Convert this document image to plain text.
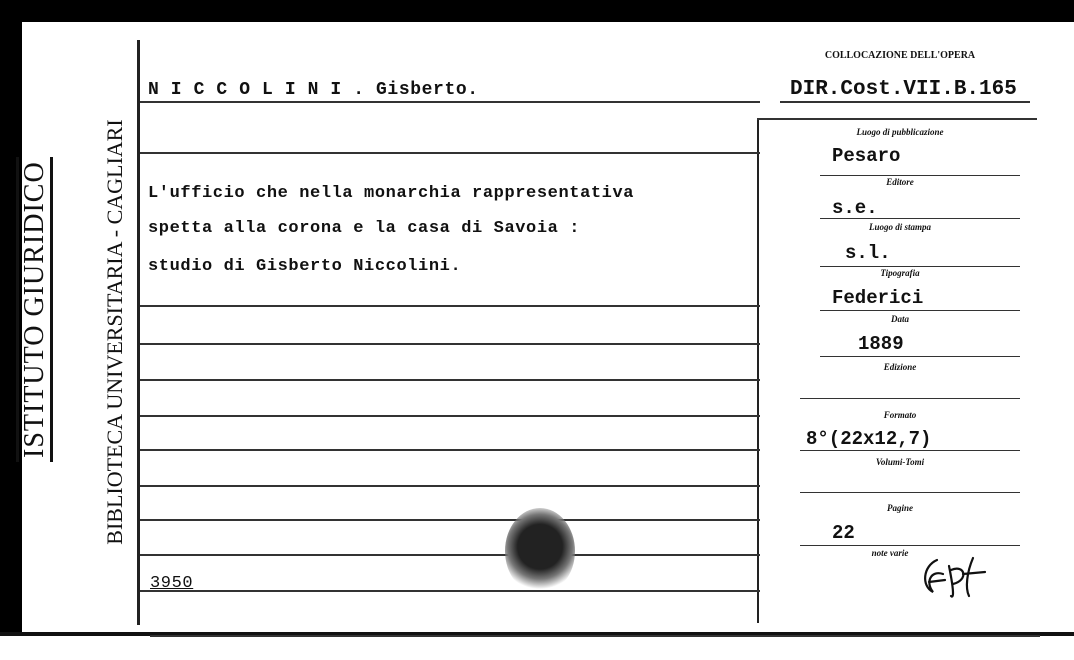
ISTITUTO GIURIDICO BIBLIOTECA UNIVERSITARIA - CAGLIARI
COLLOCAZIONE DELL'OPERA
DIR.Cost.VII.B.165
N I C C O L I N I . Gisberto.
L'ufficio che nella monarchia rappresentativa
spetta alla corona e la casa di Savoia :
studio di Gisberto Niccolini.
3950
Luogo di pubblicazione
Pesaro
Editore
s.e.
Luogo di stampa
s.l.
Tipografia
Federici
Data
1889
Edizione
Formato
8°(22x12,7)
Volumi-Tomi
Pagine
22
note varie
